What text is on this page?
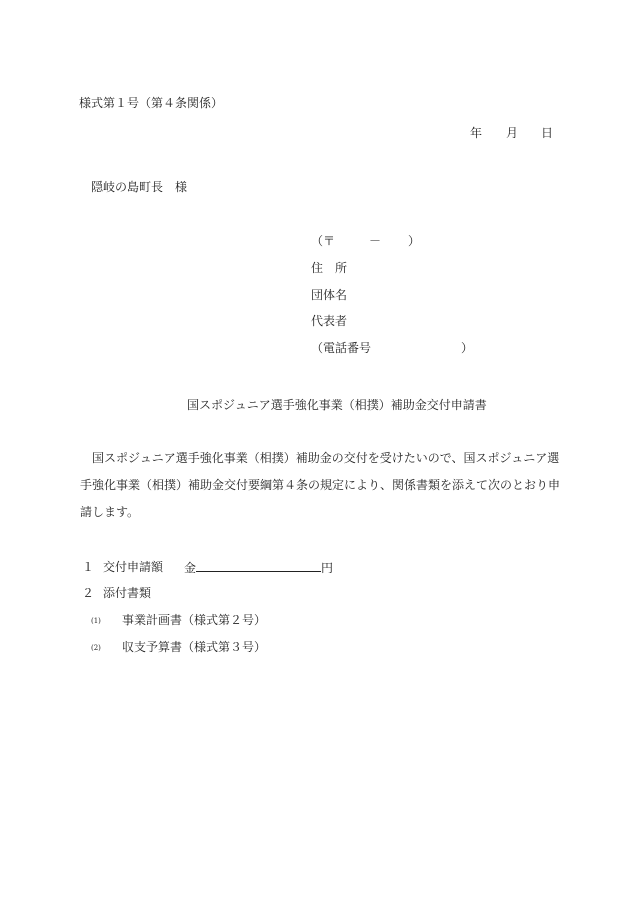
様式第１号（第４条関係）
年 月 日
隠岐の島町長　様
（〒	－ ）
住　所
団体名
代表者
（電話番号	）
国スポジュニア選手強化事業（相撲）補助金交付申請書
　国スポジュニア選手強化事業（相撲）補助金の交付を受けたいので、国スポジュニア選
手強化事業（相撲）補助金交付要綱第４条の規定により、関係書類を添えて次のとおり申
請します。
１ 交付申請額 金	円
２ 添付書類
(1) 事業計画書（様式第２号）
(2) 収支予算書（様式第３号）
